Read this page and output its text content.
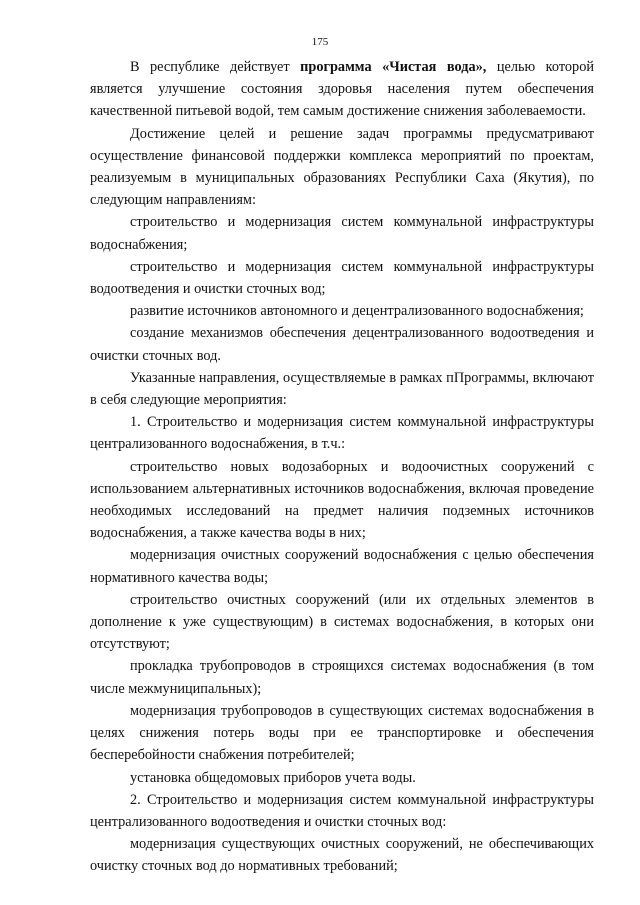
175

В республике действует программа «Чистая вода», целью которой является улучшение состояния здоровья населения путем обеспечения качественной питьевой водой, тем самым достижение снижения заболеваемости.

Достижение целей и решение задач программы предусматривают осуществление финансовой поддержки комплекса мероприятий по проектам, реализуемым в муниципальных образованиях Республики Саха (Якутия), по следующим направлениям:

строительство и модернизация систем коммунальной инфраструктуры водоснабжения;

строительство и модернизация систем коммунальной инфраструктуры водоотведения и очистки сточных вод;

развитие источников автономного и децентрализованного водоснабжения;

создание механизмов обеспечения децентрализованного водоотведения и очистки сточных вод.

Указанные направления, осуществляемые в рамках пПрограммы, включают в себя следующие мероприятия:

1. Строительство и модернизация систем коммунальной инфраструктуры централизованного водоснабжения, в т.ч.:

строительство новых водозаборных и водоочистных сооружений с использованием альтернативных источников водоснабжения, включая проведение необходимых исследований на предмет наличия подземных источников водоснабжения, а также качества воды в них;

модернизация очистных сооружений водоснабжения с целью обеспечения нормативного качества воды;

строительство очистных сооружений (или их отдельных элементов в дополнение к уже существующим) в системах водоснабжения, в которых они отсутствуют;

прокладка трубопроводов в строящихся системах водоснабжения (в том числе межмуниципальных);

модернизация трубопроводов в существующих системах водоснабжения в целях снижения потерь воды при ее транспортировке и обеспечения бесперебойности снабжения потребителей;

установка общедомовых приборов учета воды.

2. Строительство и модернизация систем коммунальной инфраструктуры централизованного водоотведения и очистки сточных вод:

модернизация существующих очистных сооружений, не обеспечивающих очистку сточных вод до нормативных требований;
